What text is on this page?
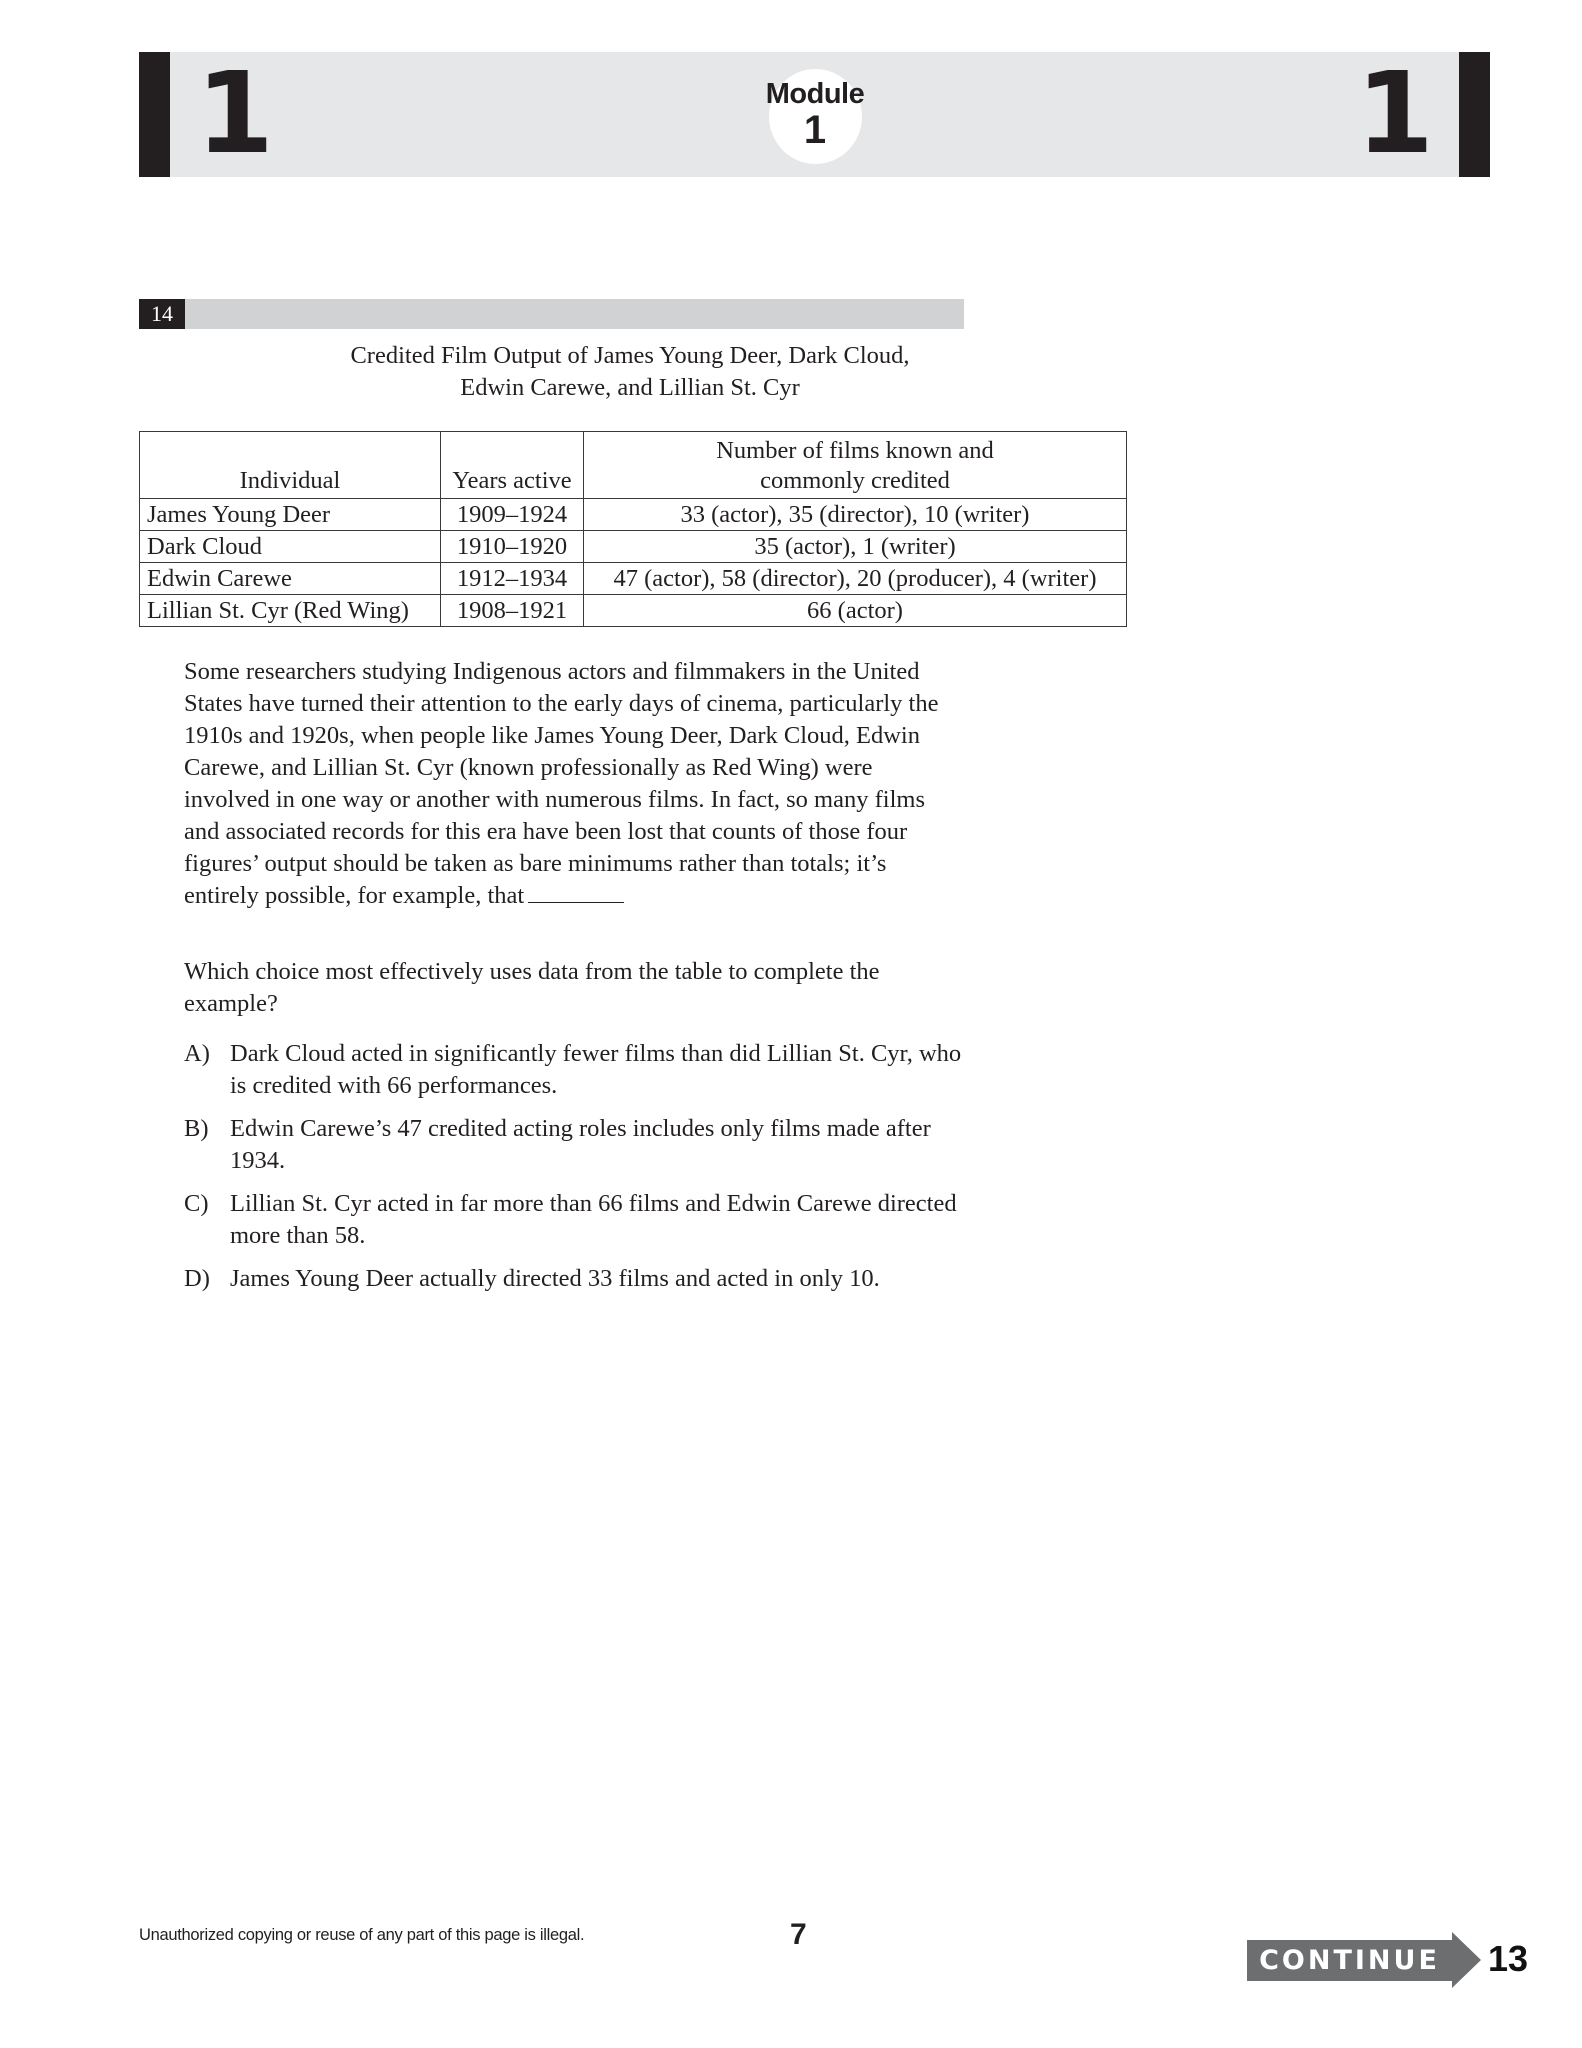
1	1
Module
1
14
Credited Film Output of James Young Deer, Dark Cloud,
Edwin Carewe, and Lillian St. Cyr
Individual	Years active	Number of films known and
commonly credited

James Young Deer	1909–1924	33 (actor), 35 (director), 10 (writer)
Dark Cloud	1910–1920	35 (actor), 1 (writer)
Edwin Carewe	1912–1934	47 (actor), 58 (director), 20 (producer), 4 (writer)
Lillian St. Cyr (Red Wing)	1908–1921	66 (actor)
Some researchers studying Indigenous actors and filmmakers in the United States have turned their attention to the early days of cinema, particularly the 1910s and 1920s, when people like James Young Deer, Dark Cloud, Edwin Carewe, and Lillian St. Cyr (known professionally as Red Wing) were involved in one way or another with numerous films. In fact, so many films and associated records for this era have been lost that counts of those four figures’ output should be taken as bare minimums rather than totals; it’s entirely possible, for example, that
Which choice most effectively uses data from the table to complete the example?
A) Dark Cloud acted in significantly fewer films than did Lillian St. Cyr, who is credited with 66 performances.
B) Edwin Carewe’s 47 credited acting roles includes only films made after 1934.
C) Lillian St. Cyr acted in far more than 66 films and Edwin Carewe directed more than 58.
D) James Young Deer actually directed 33 films and acted in only 10.
Unauthorized copying or reuse of any part of this page is illegal.	7
CONTINUE	13
